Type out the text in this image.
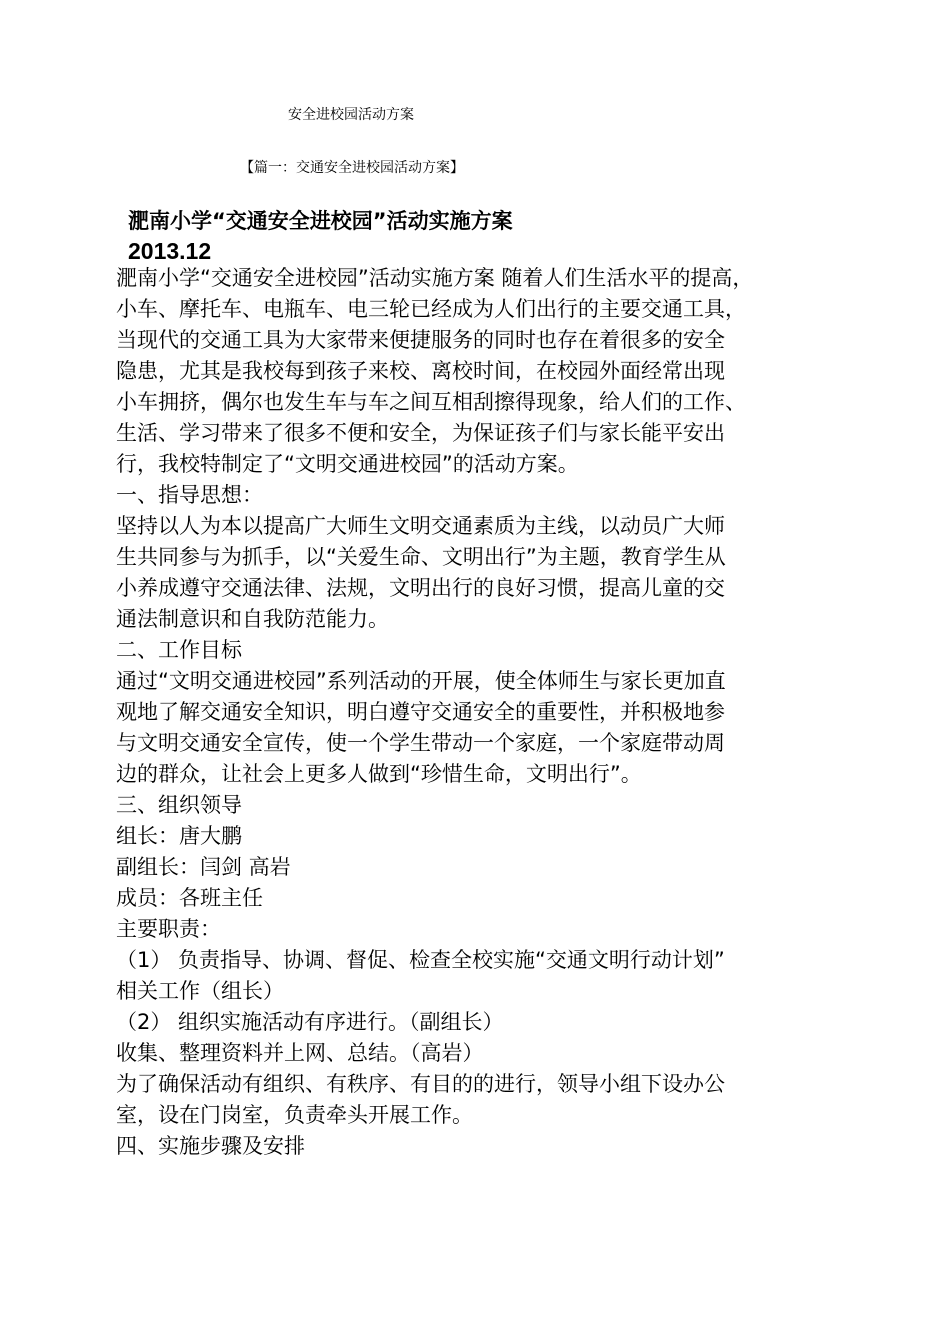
安全进校园活动方案
【篇一：交通安全进校园活动方案】
淝南小学“交通安全进校园”活动实施方案
2013.12
淝南小学“交通安全进校园”活动实施方案 随着人们生活水平的提高，
小车、摩托车、电瓶车、电三轮已经成为人们出行的主要交通工具，
当现代的交通工具为大家带来便捷服务的同时也存在着很多的安全
隐患，尤其是我校每到孩子来校、离校时间，在校园外面经常出现
小车拥挤，偶尔也发生车与车之间互相刮擦得现象，给人们的工作、
生活、学习带来了很多不便和安全，为保证孩子们与家长能平安出
行，我校特制定了“文明交通进校园”的活动方案。
一、指导思想：
坚持以人为本以提高广大师生文明交通素质为主线，以动员广大师
生共同参与为抓手，以“关爱生命、文明出行”为主题，教育学生从
小养成遵守交通法律、法规，文明出行的良好习惯，提高儿童的交
通法制意识和自我防范能力。
二、工作目标
通过“文明交通进校园”系列活动的开展，使全体师生与家长更加直
观地了解交通安全知识，明白遵守交通安全的重要性，并积极地参
与文明交通安全宣传，使一个学生带动一个家庭，一个家庭带动周
边的群众，让社会上更多人做到“珍惜生命，文明出行”。
三、组织领导
组长：唐大鹏
副组长：闫剑 高岩
成员：各班主任
主要职责：
（1） 负责指导、协调、督促、检查全校实施“交通文明行动计划”
相关工作（组长）
（2） 组织实施活动有序进行。（副组长）
收集、整理资料并上网、总结。（高岩）
为了确保活动有组织、有秩序、有目的的进行，领导小组下设办公
室，设在门岗室，负责牵头开展工作。
四、实施步骤及安排
